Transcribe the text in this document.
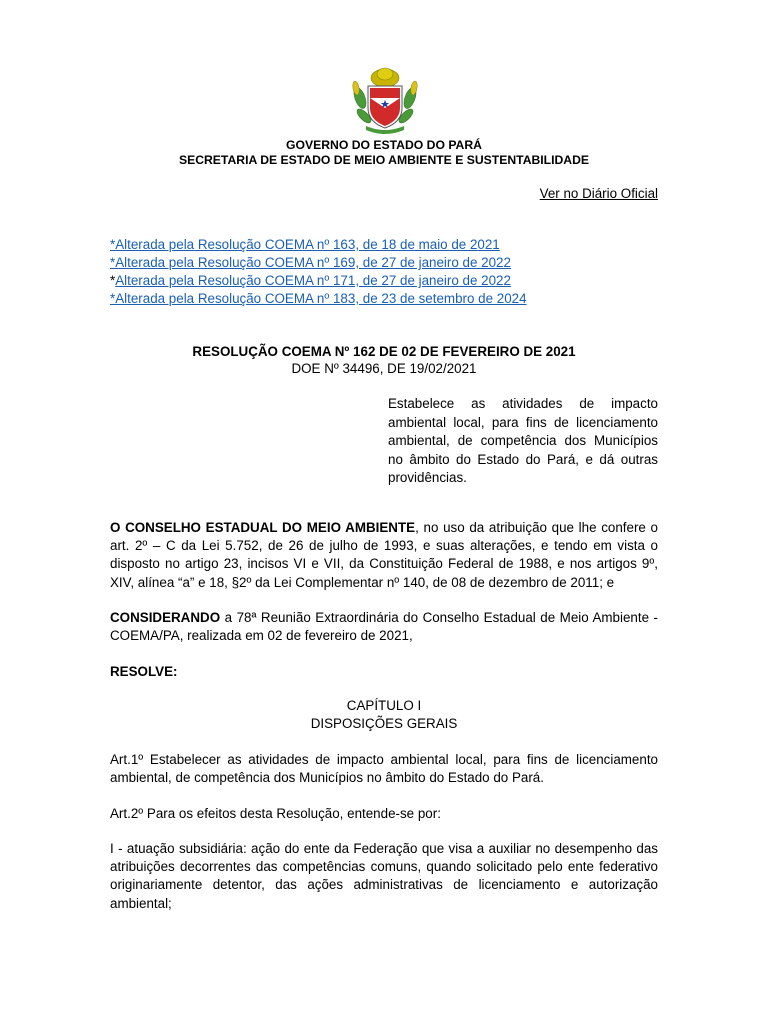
GOVERNO DO ESTADO DO PARÁ
SECRETARIA DE ESTADO DE MEIO AMBIENTE E SUSTENTABILIDADE
Ver no Diário Oficial
*Alterada pela Resolução COEMA nº 163, de 18 de maio de 2021
*Alterada pela Resolução COEMA nº 169, de 27 de janeiro de 2022
*Alterada pela Resolução COEMA nº 171, de 27 de janeiro de 2022
*Alterada pela Resolução COEMA nº 183, de 23 de setembro de 2024
RESOLUÇÃO COEMA Nº 162 DE 02 DE FEVEREIRO DE 2021
DOE Nº 34496, DE 19/02/2021
Estabelece as atividades de impacto ambiental local, para fins de licenciamento ambiental, de competência dos Municípios no âmbito do Estado do Pará, e dá outras providências.
O CONSELHO ESTADUAL DO MEIO AMBIENTE, no uso da atribuição que lhe confere o art. 2º – C da Lei 5.752, de 26 de julho de 1993, e suas alterações, e tendo em vista o disposto no artigo 23, incisos VI e VII, da Constituição Federal de 1988, e nos artigos 9º, XIV, alínea “a” e 18, §2º da Lei Complementar nº 140, de 08 de dezembro de 2011; e
CONSIDERANDO a 78ª Reunião Extraordinária do Conselho Estadual de Meio Ambiente -COEMA/PA, realizada em 02 de fevereiro de 2021,
RESOLVE:
CAPÍTULO I
DISPOSIÇÕES GERAIS
Art.1º Estabelecer as atividades de impacto ambiental local, para fins de licenciamento ambiental, de competência dos Municípios no âmbito do Estado do Pará.
Art.2º Para os efeitos desta Resolução, entende-se por:
I - atuação subsidiária: ação do ente da Federação que visa a auxiliar no desempenho das atribuições decorrentes das competências comuns, quando solicitado pelo ente federativo originariamente detentor, das ações administrativas de licenciamento e autorização ambiental;
